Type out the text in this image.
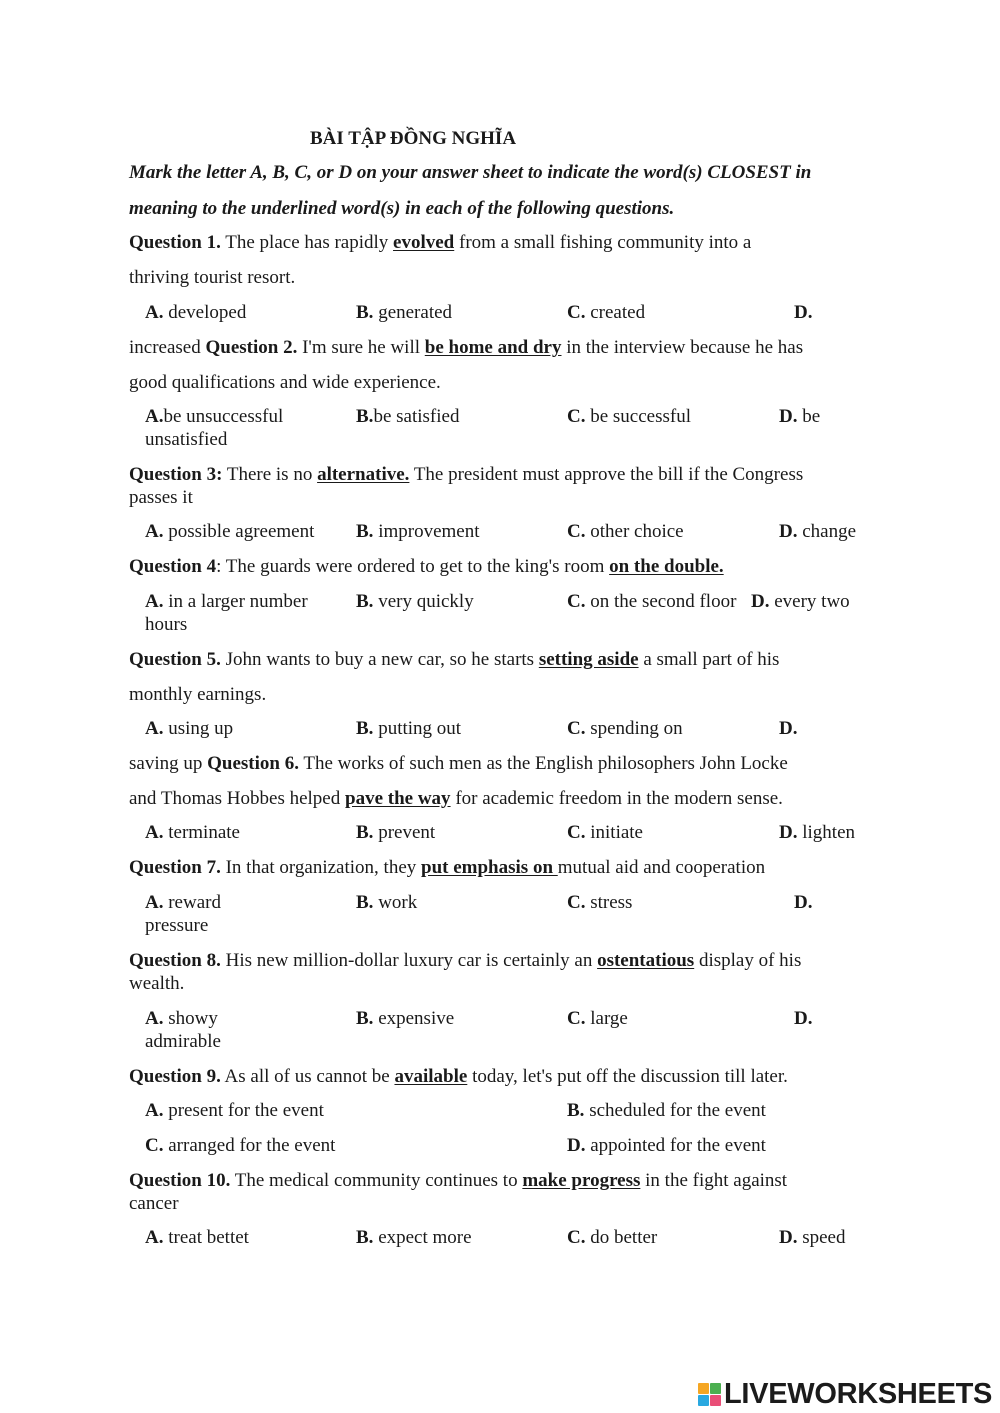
BÀI TẬP ĐỒNG NGHĨA
Mark the letter A, B, C, or D on your answer sheet to indicate the word(s) CLOSEST in
meaning to the underlined word(s) in each of the following questions.
Question 1. The place has rapidly evolved from a small fishing community into a
thriving tourist resort.
A. developed	B. generated	C. created	D.
increased Question 2. I'm sure he will be home and dry in the interview because he has
good qualifications and wide experience.
A.be unsuccessful	B.be satisfied	C. be successful	D. be
unsatisfied
Question 3: There is no alternative. The president must approve the bill if the Congress
passes it
A. possible agreement B. improvement	C. other choice	D. change
Question 4: The guards were ordered to get to the king's room on the double.
A. in a larger number	B. very quickly	C. on the second floor D. every two
hours
Question 5. John wants to buy a new car, so he starts setting aside a small part of his
monthly earnings.
A. using up	B. putting out	C. spending on	D.
saving up Question 6. The works of such men as the English philosophers John Locke
and Thomas Hobbes helped pave the way for academic freedom in the modern sense.
A. terminate	B. prevent	C. initiate	D. lighten
Question 7. In that organization, they put emphasis on mutual aid and cooperation
A. reward	B. work	C. stress	D.
pressure
Question 8. His new million-dollar luxury car is certainly an ostentatious display of his
wealth.
A. showy	B. expensive	C. large	D.
admirable
Question 9. As all of us cannot be available today, let's put off the discussion till later.
A. present for the event	B. scheduled for the event
C. arranged for the event	D. appointed for the event
Question 10. The medical community continues to make progress in the fight against
cancer
A. treat bettet	B. expect more	C. do better	D. speed
LIVEWORKSHEETS
